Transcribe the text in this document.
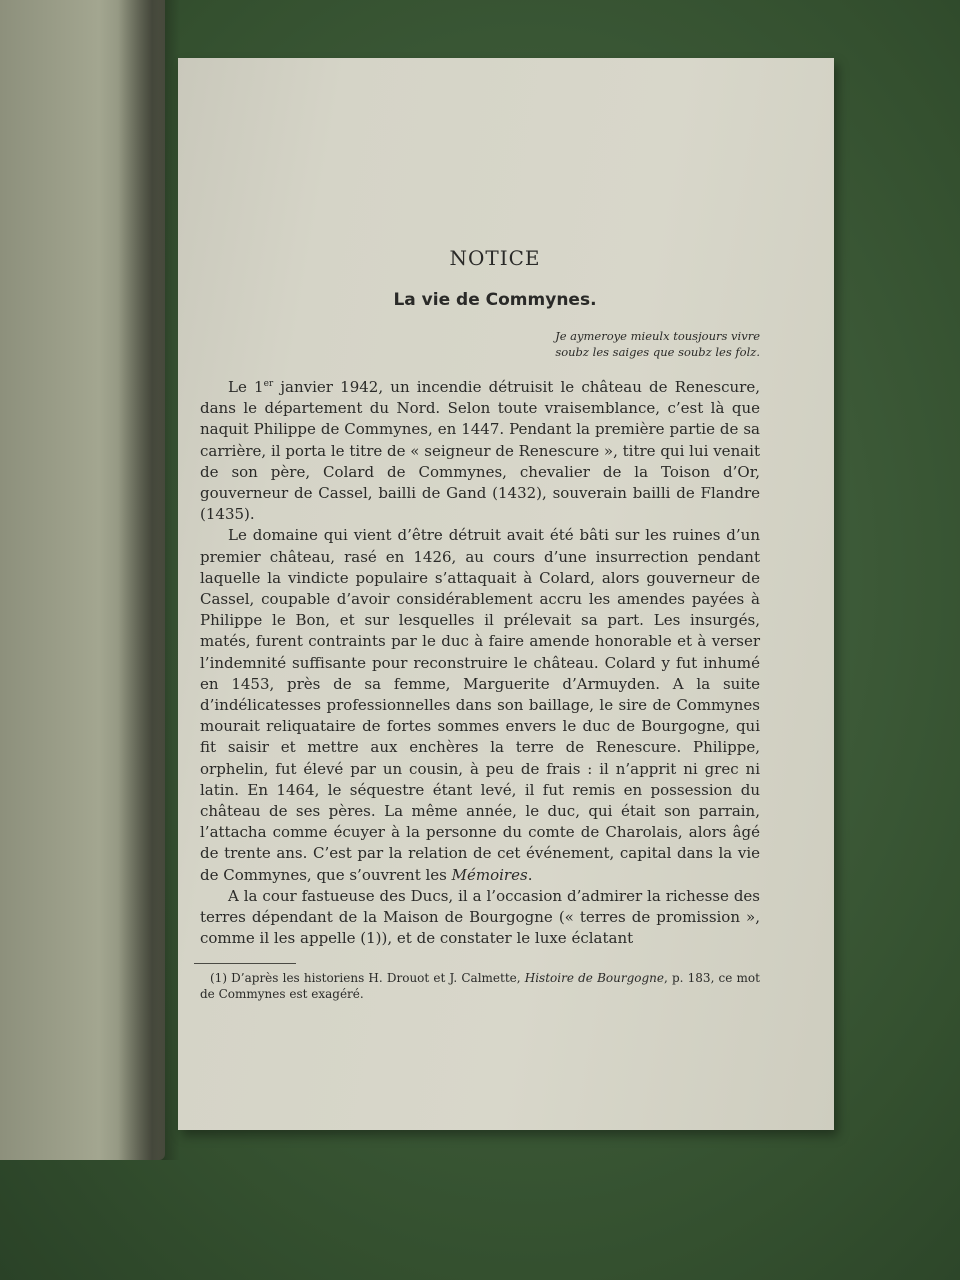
NOTICE
La vie de Commynes.
Je aymeroye mieulx tousjours vivre
soubz les saiges que soubz les folz.

Le 1er janvier 1942, un incendie détruisit le château de Renescure, dans le département du Nord. Selon toute vraisemblance, c’est là que naquit Philippe de Commynes, en 1447. Pendant la première partie de sa carrière, il porta le titre de « seigneur de Renescure », titre qui lui venait de son père, Colard de Commynes, chevalier de la Toison d’Or, gouverneur de Cassel, bailli de Gand (1432), souverain bailli de Flandre (1435).

Le domaine qui vient d’être détruit avait été bâti sur les ruines d’un premier château, rasé en 1426, au cours d’une insurrection pendant laquelle la vindicte populaire s’attaquait à Colard, alors gouverneur de Cassel, coupable d’avoir considérablement accru les amendes payées à Philippe le Bon, et sur lesquelles il prélevait sa part. Les insurgés, matés, furent contraints par le duc à faire amende honorable et à verser l’indemnité suffisante pour reconstruire le château. Colard y fut inhumé en 1453, près de sa femme, Marguerite d’Armuyden. A la suite d’indélicatesses professionnelles dans son baillage, le sire de Commynes mourait reliquataire de fortes sommes envers le duc de Bourgogne, qui fit saisir et mettre aux enchères la terre de Renescure. Philippe, orphelin, fut élevé par un cousin, à peu de frais : il n’apprit ni grec ni latin. En 1464, le séquestre étant levé, il fut remis en possession du château de ses pères. La même année, le duc, qui était son parrain, l’attacha comme écuyer à la personne du comte de Charolais, alors âgé de trente ans. C’est par la relation de cet événement, capital dans la vie de Commynes, que s’ouvrent les Mémoires.

A la cour fastueuse des Ducs, il a l’occasion d’admirer la richesse des terres dépendant de la Maison de Bourgogne (« terres de promission », comme il les appelle (1)), et de constater le luxe éclatant

(1) D’après les historiens H. Drouot et J. Calmette, Histoire de Bourgogne, p. 183, ce mot de Commynes est exagéré.
